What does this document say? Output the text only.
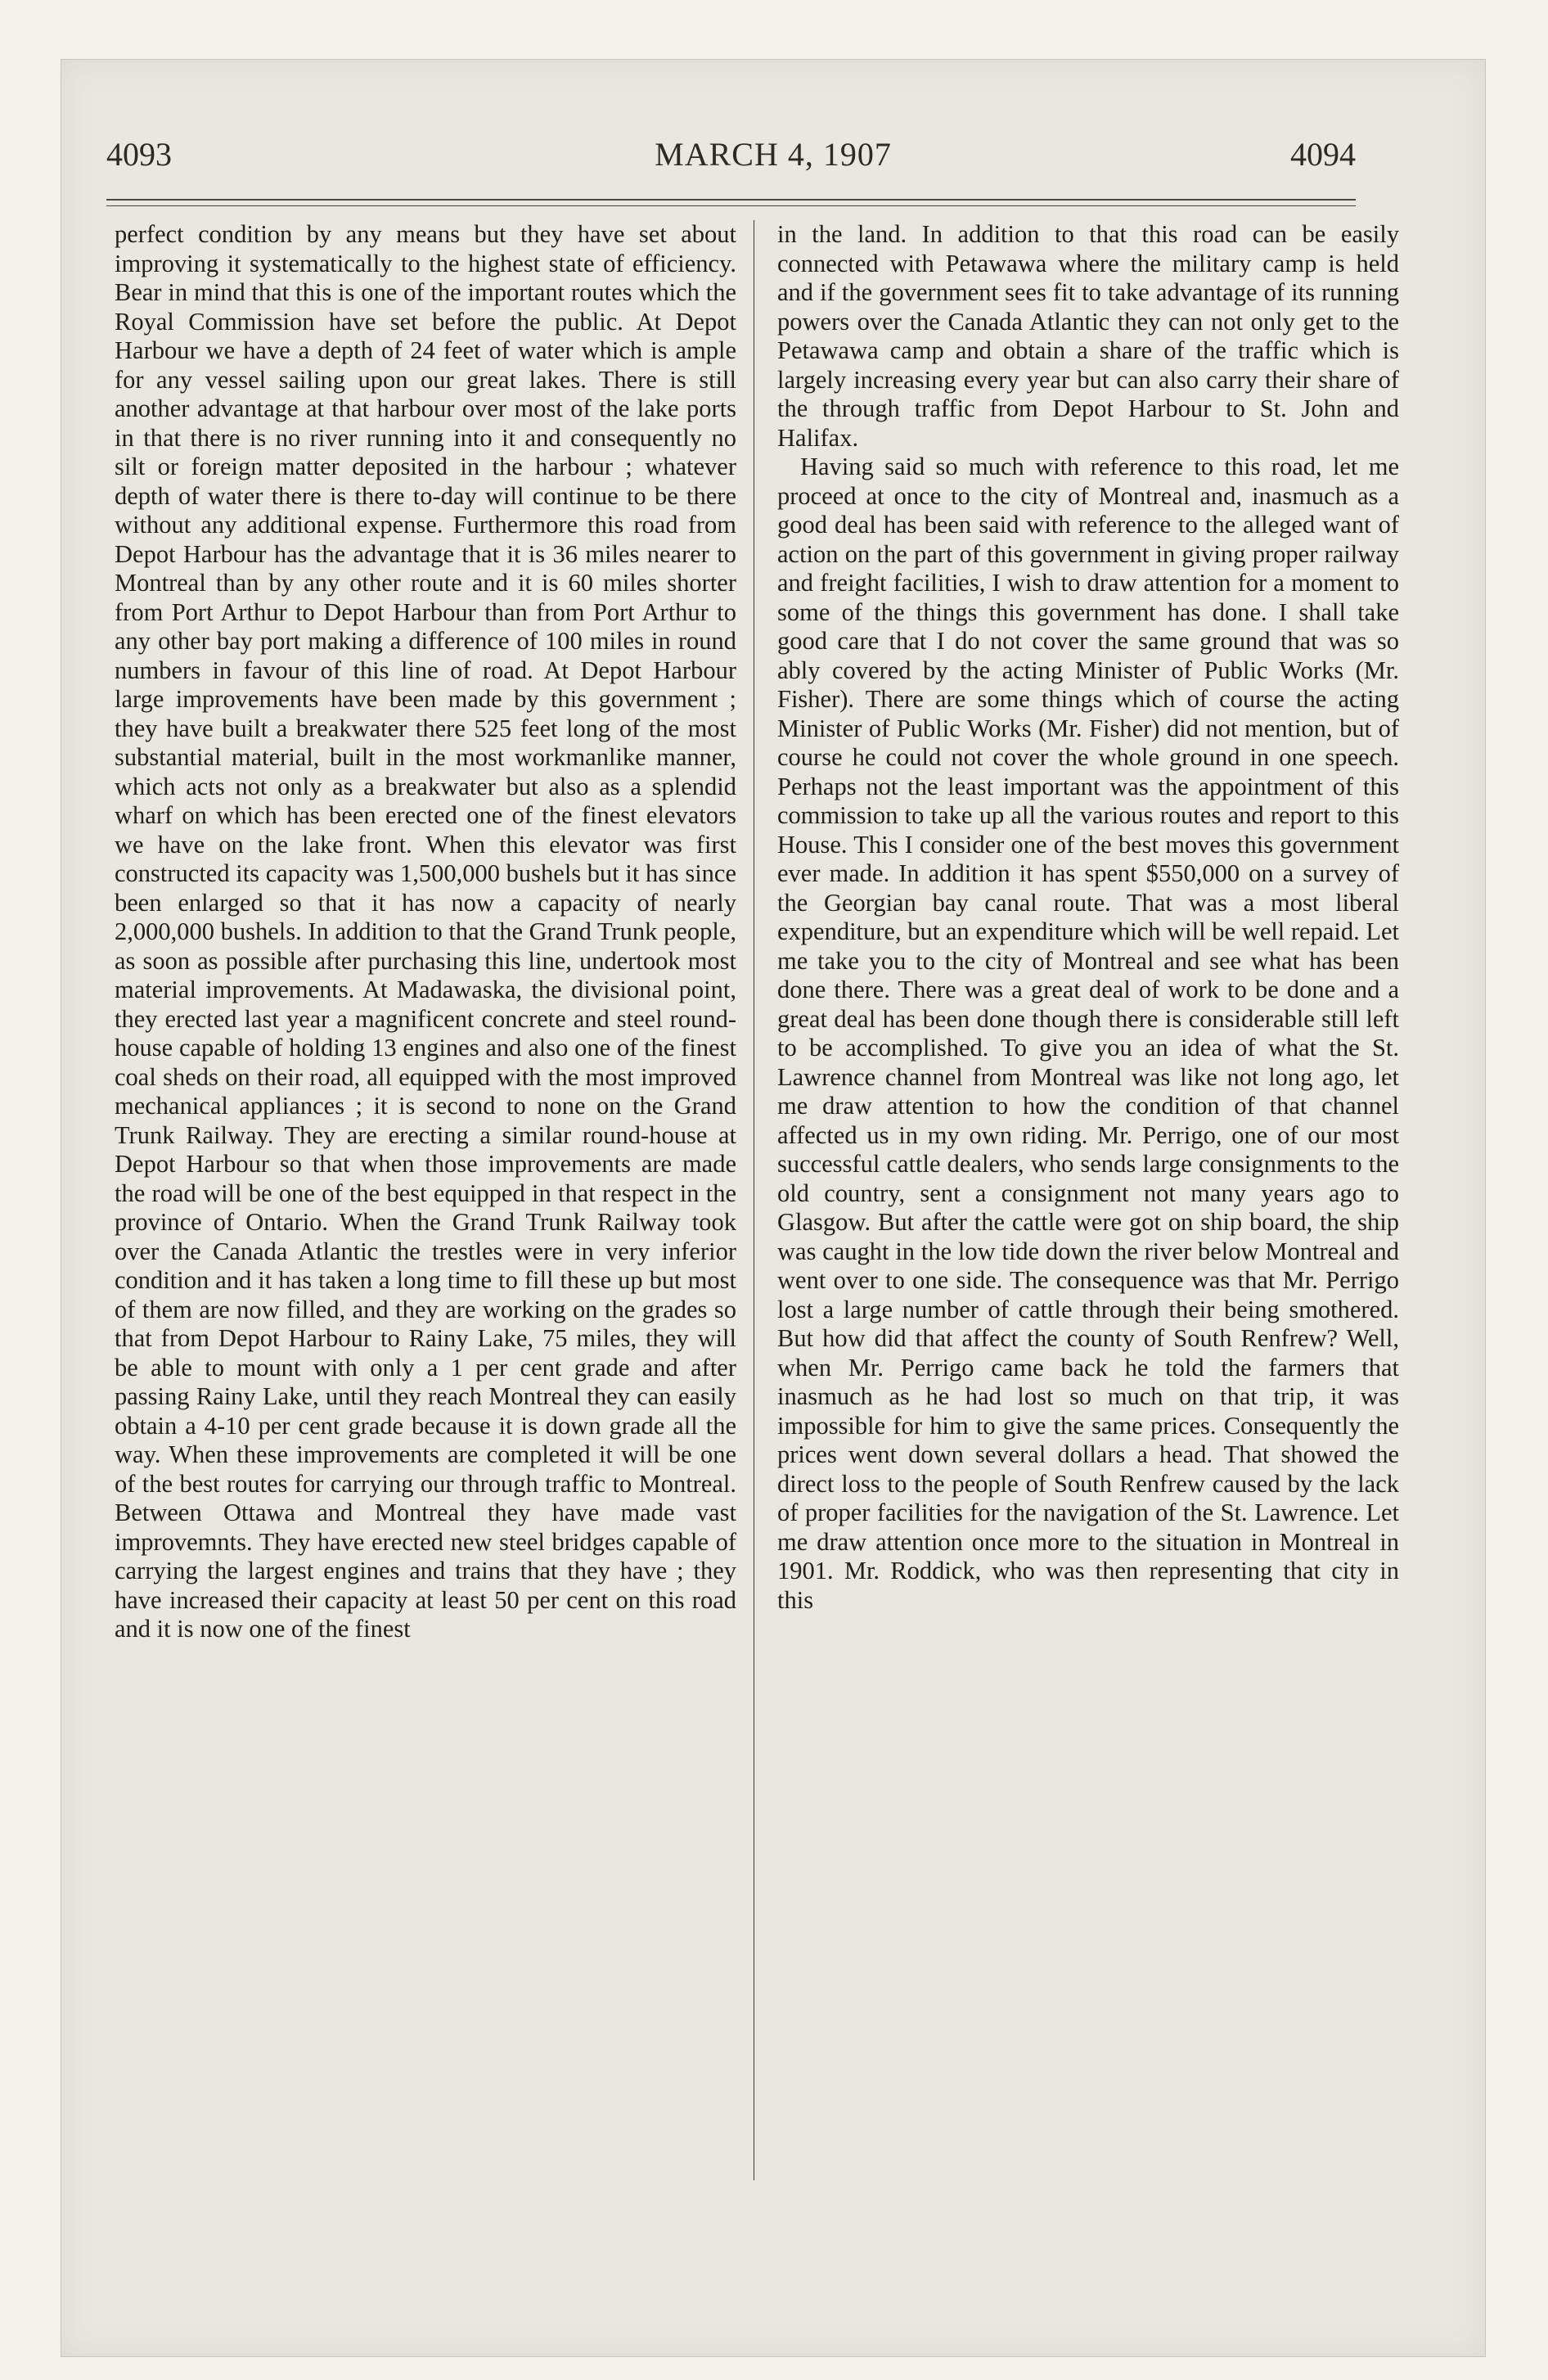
4093	MARCH 4, 1907	4094

perfect condition by any means but they have set about improving it systematically to the highest state of efficiency. Bear in mind that this is one of the important routes which the Royal Commission have set before the public. At Depot Harbour we have a depth of 24 feet of water which is ample for any vessel sailing upon our great lakes. There is still another advantage at that harbour over most of the lake ports in that there is no river running into it and consequently no silt or foreign matter deposited in the harbour ; whatever depth of water there is there to-day will continue to be there without any additional expense. Furthermore this road from Depot Harbour has the advantage that it is 36 miles nearer to Montreal than by any other route and it is 60 miles shorter from Port Arthur to Depot Harbour than from Port Arthur to any other bay port making a difference of 100 miles in round numbers in favour of this line of road. At Depot Harbour large improvements have been made by this government ; they have built a breakwater there 525 feet long of the most substantial material, built in the most workmanlike manner, which acts not only as a breakwater but also as a splendid wharf on which has been erected one of the finest elevators we have on the lake front. When this elevator was first constructed its capacity was 1,500,000 bushels but it has since been enlarged so that it has now a capacity of nearly 2,000,000 bushels. In addition to that the Grand Trunk people, as soon as possible after purchasing this line, undertook most material improvements. At Madawaska, the divisional point, they erected last year a magnificent concrete and steel round-house capable of holding 13 engines and also one of the finest coal sheds on their road, all equipped with the most improved mechanical appliances ; it is second to none on the Grand Trunk Railway. They are erecting a similar round-house at Depot Harbour so that when those improvements are made the road will be one of the best equipped in that respect in the province of Ontario. When the Grand Trunk Railway took over the Canada Atlantic the trestles were in very inferior condition and it has taken a long time to fill these up but most of them are now filled, and they are working on the grades so that from Depot Harbour to Rainy Lake, 75 miles, they will be able to mount with only a 1 per cent grade and after passing Rainy Lake, until they reach Montreal they can easily obtain a 4-10 per cent grade because it is down grade all the way. When these improvements are completed it will be one of the best routes for carrying our through traffic to Montreal. Between Ottawa and Montreal they have made vast improvemnts. They have erected new steel bridges capable of carrying the largest engines and trains that they have ; they have increased their capacity at least 50 per cent on this road and it is now one of the finest

in the land. In addition to that this road can be easily connected with Petawawa where the military camp is held and if the government sees fit to take advantage of its running powers over the Canada Atlantic they can not only get to the Petawawa camp and obtain a share of the traffic which is largely increasing every year but can also carry their share of the through traffic from Depot Harbour to St. John and Halifax.

Having said so much with reference to this road, let me proceed at once to the city of Montreal and, inasmuch as a good deal has been said with reference to the alleged want of action on the part of this government in giving proper railway and freight facilities, I wish to draw attention for a moment to some of the things this government has done. I shall take good care that I do not cover the same ground that was so ably covered by the acting Minister of Public Works (Mr. Fisher). There are some things which of course the acting Minister of Public Works (Mr. Fisher) did not mention, but of course he could not cover the whole ground in one speech. Perhaps not the least important was the appointment of this commission to take up all the various routes and report to this House. This I consider one of the best moves this government ever made. In addition it has spent $550,000 on a survey of the Georgian bay canal route. That was a most liberal expenditure, but an expenditure which will be well repaid. Let me take you to the city of Montreal and see what has been done there. There was a great deal of work to be done and a great deal has been done though there is considerable still left to be accomplished. To give you an idea of what the St. Lawrence channel from Montreal was like not long ago, let me draw attention to how the condition of that channel affected us in my own riding. Mr. Perrigo, one of our most successful cattle dealers, who sends large consignments to the old country, sent a consignment not many years ago to Glasgow. But after the cattle were got on ship board, the ship was caught in the low tide down the river below Montreal and went over to one side. The consequence was that Mr. Perrigo lost a large number of cattle through their being smothered. But how did that affect the county of South Renfrew? Well, when Mr. Perrigo came back he told the farmers that inasmuch as he had lost so much on that trip, it was impossible for him to give the same prices. Consequently the prices went down several dollars a head. That showed the direct loss to the people of South Renfrew caused by the lack of proper facilities for the navigation of the St. Lawrence. Let me draw attention once more to the situation in Montreal in 1901. Mr. Roddick, who was then representing that city in this
